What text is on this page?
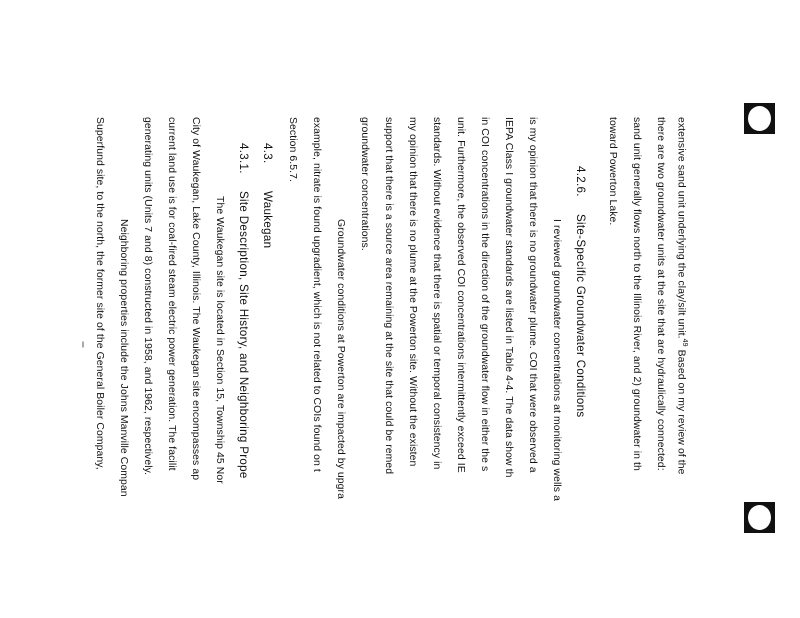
extensive sand unit underlying the clay/silt unit.$^{49}$ Based on my review of the
there are two groundwater units at the site that are hydraulically connected:
sand unit generally flows north to the Illinois River, and 2) groundwater in th
toward Powerton Lake.
4.2.6.
Site-Specific Groundwater Conditions
I reviewed groundwater concentrations at monitoring wells a
is my opinion that there is no groundwater plume. COI that were observed a
IEPA Class I groundwater standards are listed in Table 4-4. The data show th
in COI concentrations in the direction of the groundwater flow in either the s
unit. Furthermore, the observed COI concentrations intermittently exceed IE
standards. Without evidence that there is spatial or temporal consistency in
my opinion that there is no plume at the Powerton site. Without the existen
support that there is a source area remaining at the site that could be remed
groundwater concentrations.
Groundwater conditions at Powerton are impacted by upgra
example, nitrate is found upgradient, which is not related to COIs found on t
Section 6.5.7.
4.3.
Waukegan
4.3.1.
Site Description, Site History, and Neighboring Prope
The Waukegan site is located in Section 15, Township 45 Nor
City of Waukegan, Lake County, Illinois. The Waukegan site encompasses ap
current land use is for coal-fired steam electric power generation. The facilit
generating units (Units 7 and 8) constructed in 1958, and 1962, respectively.
Neighboring properties include the Johns Manville Compan
Superfund site, to the north, the former site of the General Boiler Company,
